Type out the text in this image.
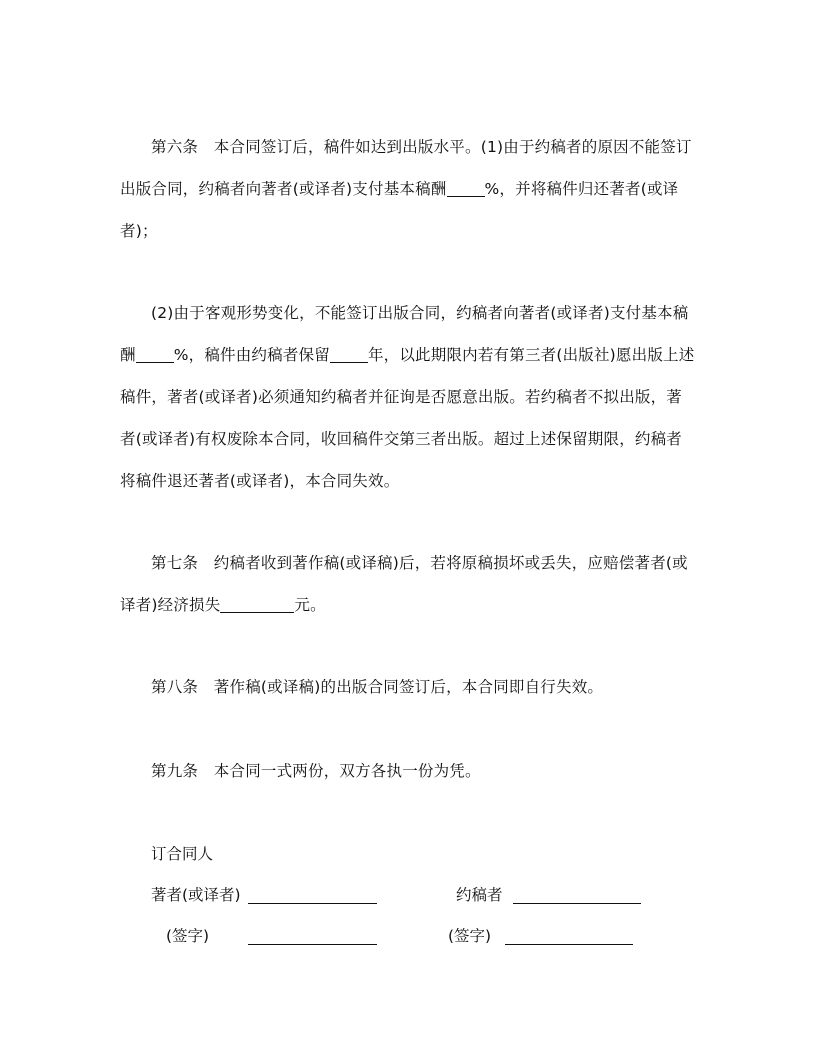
第六条　本合同签订后，稿件如达到出版水平。(1)由于约稿者的原因不能签订
出版合同，约稿者向著者(或译者)支付基本稿酬 %，并将稿件归还著者(或译
者)；
(2)由于客观形势变化，不能签订出版合同，约稿者向著者(或译者)支付基本稿
酬 %，稿件由约稿者保留 年，以此期限内若有第三者(出版社)愿出版上述
稿件，著者(或译者)必须通知约稿者并征询是否愿意出版。若约稿者不拟出版，著
者(或译者)有权废除本合同，收回稿件交第三者出版。超过上述保留期限，约稿者
将稿件退还著者(或译者)，本合同失效。
第七条　约稿者收到著作稿(或译稿)后，若将原稿损坏或丢失，应赔偿著者(或
译者)经济损失	元。
第八条　著作稿(或译稿)的出版合同签订后，本合同即自行失效。
第九条　本合同一式两份，双方各执一份为凭。
订合同人
著者(或译者)	约稿者
(签字)	(签字)
